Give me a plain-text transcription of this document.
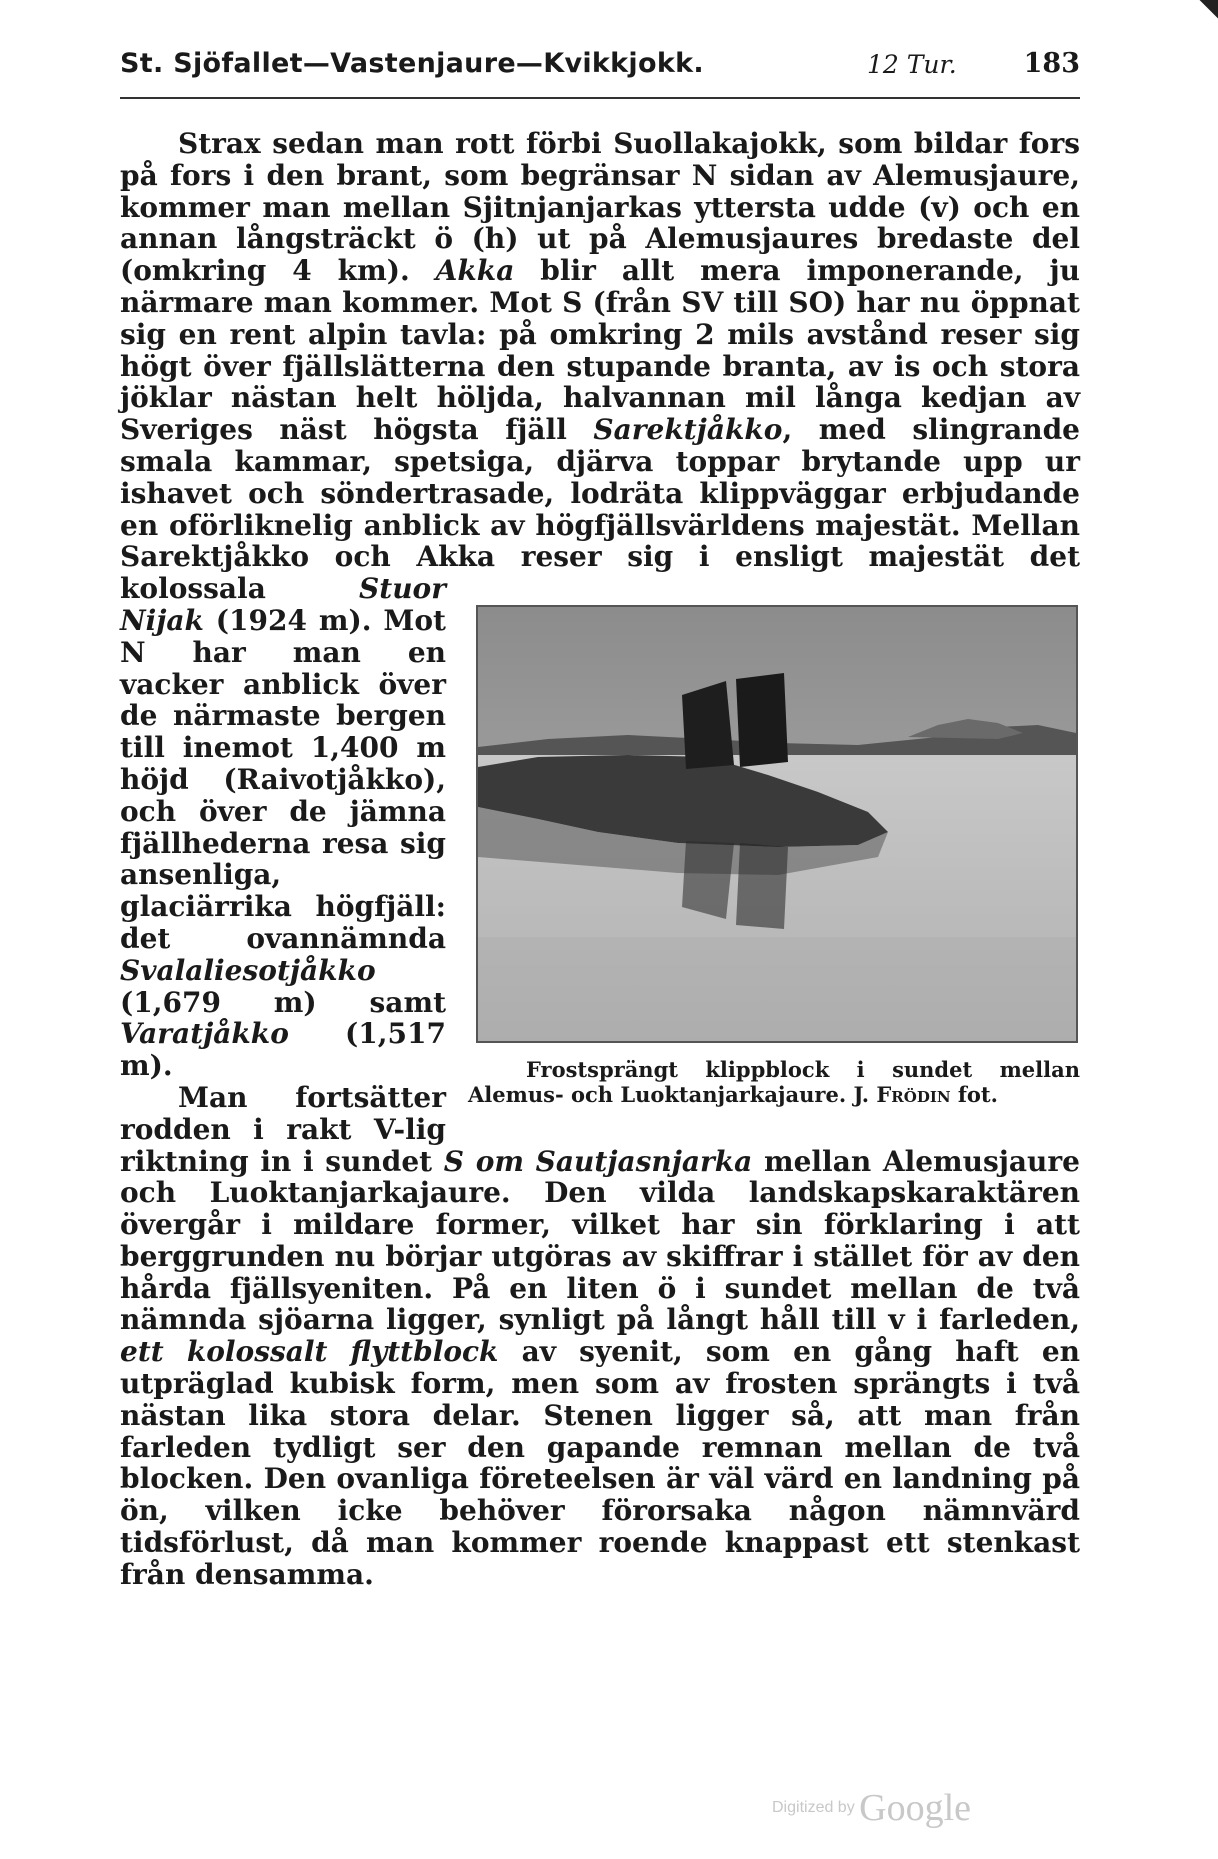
St. Sjöfallet—Vastenjaure—Kvikkjokk.	12 Tur. 183

Strax sedan man rott förbi Suollakajokk, som bildar fors på fors i den brant, som begränsar N sidan av Alemusjaure, kommer man mellan Sjitnjanjarkas yttersta udde (v) och en annan långsträckt ö (h) ut på Alemusjaures bredaste del (omkring 4 km). Akka blir allt mera imponerande, ju närmare man kommer. Mot S (från SV till SO) har nu öppnat sig en rent alpin tavla: på omkring 2 mils avstånd reser sig högt över fjällslätterna den stupande branta, av is och stora jöklar nästan helt höljda, halvannan mil långa kedjan av Sveriges näst högsta fjäll Sarektjåkko, med slingrande smala kammar, spetsiga, djärva toppar brytande upp ur ishavet och söndertrasade, lodräta klippväggar erbjudande en oförliknelig anblick av högfjällsvärldens majestät. Mellan Sarektjåkko och Akka reser sig i ensligt majestät det kolossala
Frostsprängt klippblock i sundet mellan Alemus- och Luoktanjarkajaure. J. Frödin fot.
Stuor Nijak (1924 m). Mot N har man en vacker anblick över de närmaste bergen till inemot 1,400 m höjd (Raivotjåkko), och över de jämna fjällhederna resa sig ansenliga, glaciärrika högfjäll: det ovannämnda Svalaliesotjåkko (1,679 m) samt Varatjåkko (1,517 m).

Man fortsätter rodden i rakt V-lig riktning in i sundet S om Sautjasnjarka mellan Alemusjaure och Luoktanjarkajaure. Den vilda landskapskaraktären övergår i mildare former, vilket har sin förklaring i att berggrunden nu börjar utgöras av skiffrar i stället för av den hårda fjällsyeniten. På en liten ö i sundet mellan de två nämnda sjöarna ligger, synligt på långt håll till v i farleden, ett kolossalt flyttblock av syenit, som en gång haft en utpräglad kubisk form, men som av frosten sprängts i två nästan lika stora delar. Stenen ligger så, att man från farleden tydligt ser den gapande remnan mellan de två blocken. Den ovanliga företeelsen är väl värd en landning på ön, vilken icke behöver förorsaka någon nämnvärd tidsförlust, då man kommer roende knappast ett stenkast från densamma.

Digitized by Google
